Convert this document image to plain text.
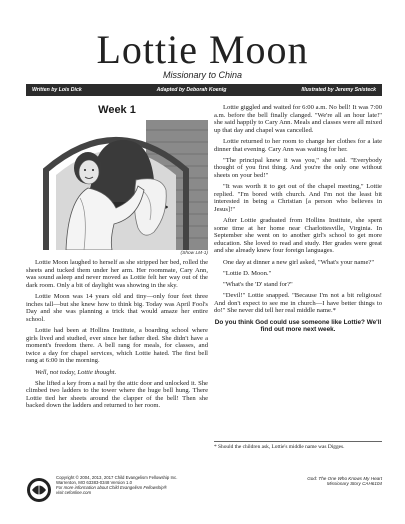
Lottie Moon
Missionary to China
Written by Lois Dick	Adapted by Deborah Koenig	Illustrated by Jeremy Snisteck
Week 1
(Show LM-1)

Lottie Moon laughed to herself as she stripped her bed, rolled the sheets and tucked them under her arm. Her roommate, Cary Ann, was sound asleep and never moved as Lottie felt her way out of the dark room. Only a bit of daylight was showing in the sky.

Lottie Moon was 14 years old and tiny—only four feet three inches tall—but she knew how to think big. Today was April Fool's Day and she was planning a trick that would amaze her entire school.

Lottie had been at Hollins Institute, a boarding school where girls lived and studied, ever since her father died. She didn't have a moment's freedom there. A bell rang for meals, for classes, and twice a day for chapel services, which Lottie hated. The first bell rang at 6:00 in the morning.

Well, not today, Lottie thought.

She lifted a key from a nail by the attic door and unlocked it. She climbed two ladders to the tower where the huge bell hung. There Lottie tied her sheets around the clapper of the bell! Then she backed down the ladders and returned to her room.

Lottie giggled and waited for 6:00 a.m. No bell! It was 7:00 a.m. before the bell finally clanged. "We're all an hour late!" she said happily to Cary Ann. Meals and classes were all mixed up that day and chapel was cancelled.

Lottie returned to her room to change her clothes for a late dinner that evening. Cary Ann was waiting for her.

"The principal knew it was you," she said. "Everybody thought of you first thing. And you're the only one without sheets on your bed!"

"It was worth it to get out of the chapel meeting," Lottie replied. "I'm bored with church. And I'm not the least bit interested in being a Christian [a person who believes in Jesus]!"

After Lottie graduated from Hollins Institute, she spent some time at her home near Charlottesville, Virginia. In September she went on to another girl's school to get more education. She loved to read and study. Her grades were great and she already knew four foreign languages.

One day at dinner a new girl asked, "What's your name?"

"Lottie D. Moon."

"What's the 'D' stand for?"

"Devil!" Lottie snapped. "Because I'm not a bit religious! And don't expect to see me in church—I have better things to do!" She never did tell her real middle name.*

Do you think God could use someone like Lottie? We'll find out more next week.

* Should the children ask, Lottie's middle name was Digges.
Copyright © 2004, 2013, 2017 Child Evangelism Fellowship Inc.
Warrenton, MO 63383-0348 Version 1.0
For more information about Child Evangelism Fellowship®
visit cefonline.com
God: The One Who Knows My Heart
Missionary Story CAH6104
